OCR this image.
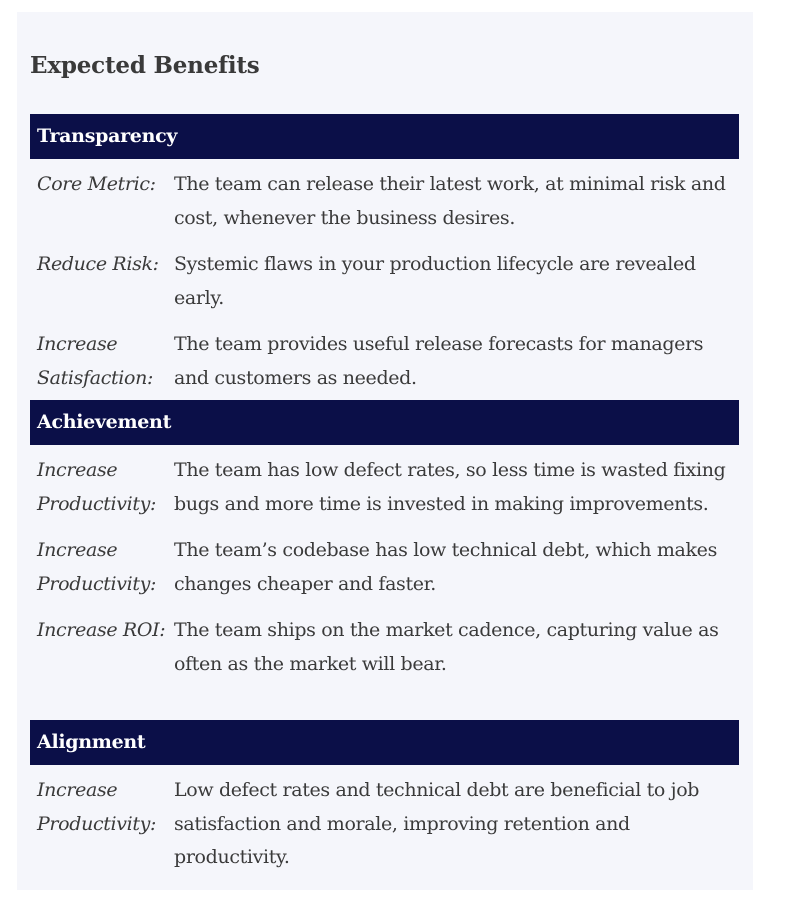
Expected Benefits
Transparency
Core Metric: The team can release their latest work, at minimal risk and cost, whenever the business desires.
Reduce Risk: Systemic flaws in your production lifecycle are revealed early.
Increase Satisfaction:
The team provides useful release forecasts for managers and customers as needed.
Achievement
Increase Productivity:
The team has low defect rates, so less time is wasted fixing bugs and more time is invested in making improvements.
Increase Productivity:
The team’s codebase has low technical debt, which makes changes cheaper and faster.
Increase ROI: The team ships on the market cadence, capturing value as often as the market will bear.
Alignment
Increase Productivity:
Low defect rates and technical debt are beneficial to job satisfaction and morale, improving retention and productivity.
